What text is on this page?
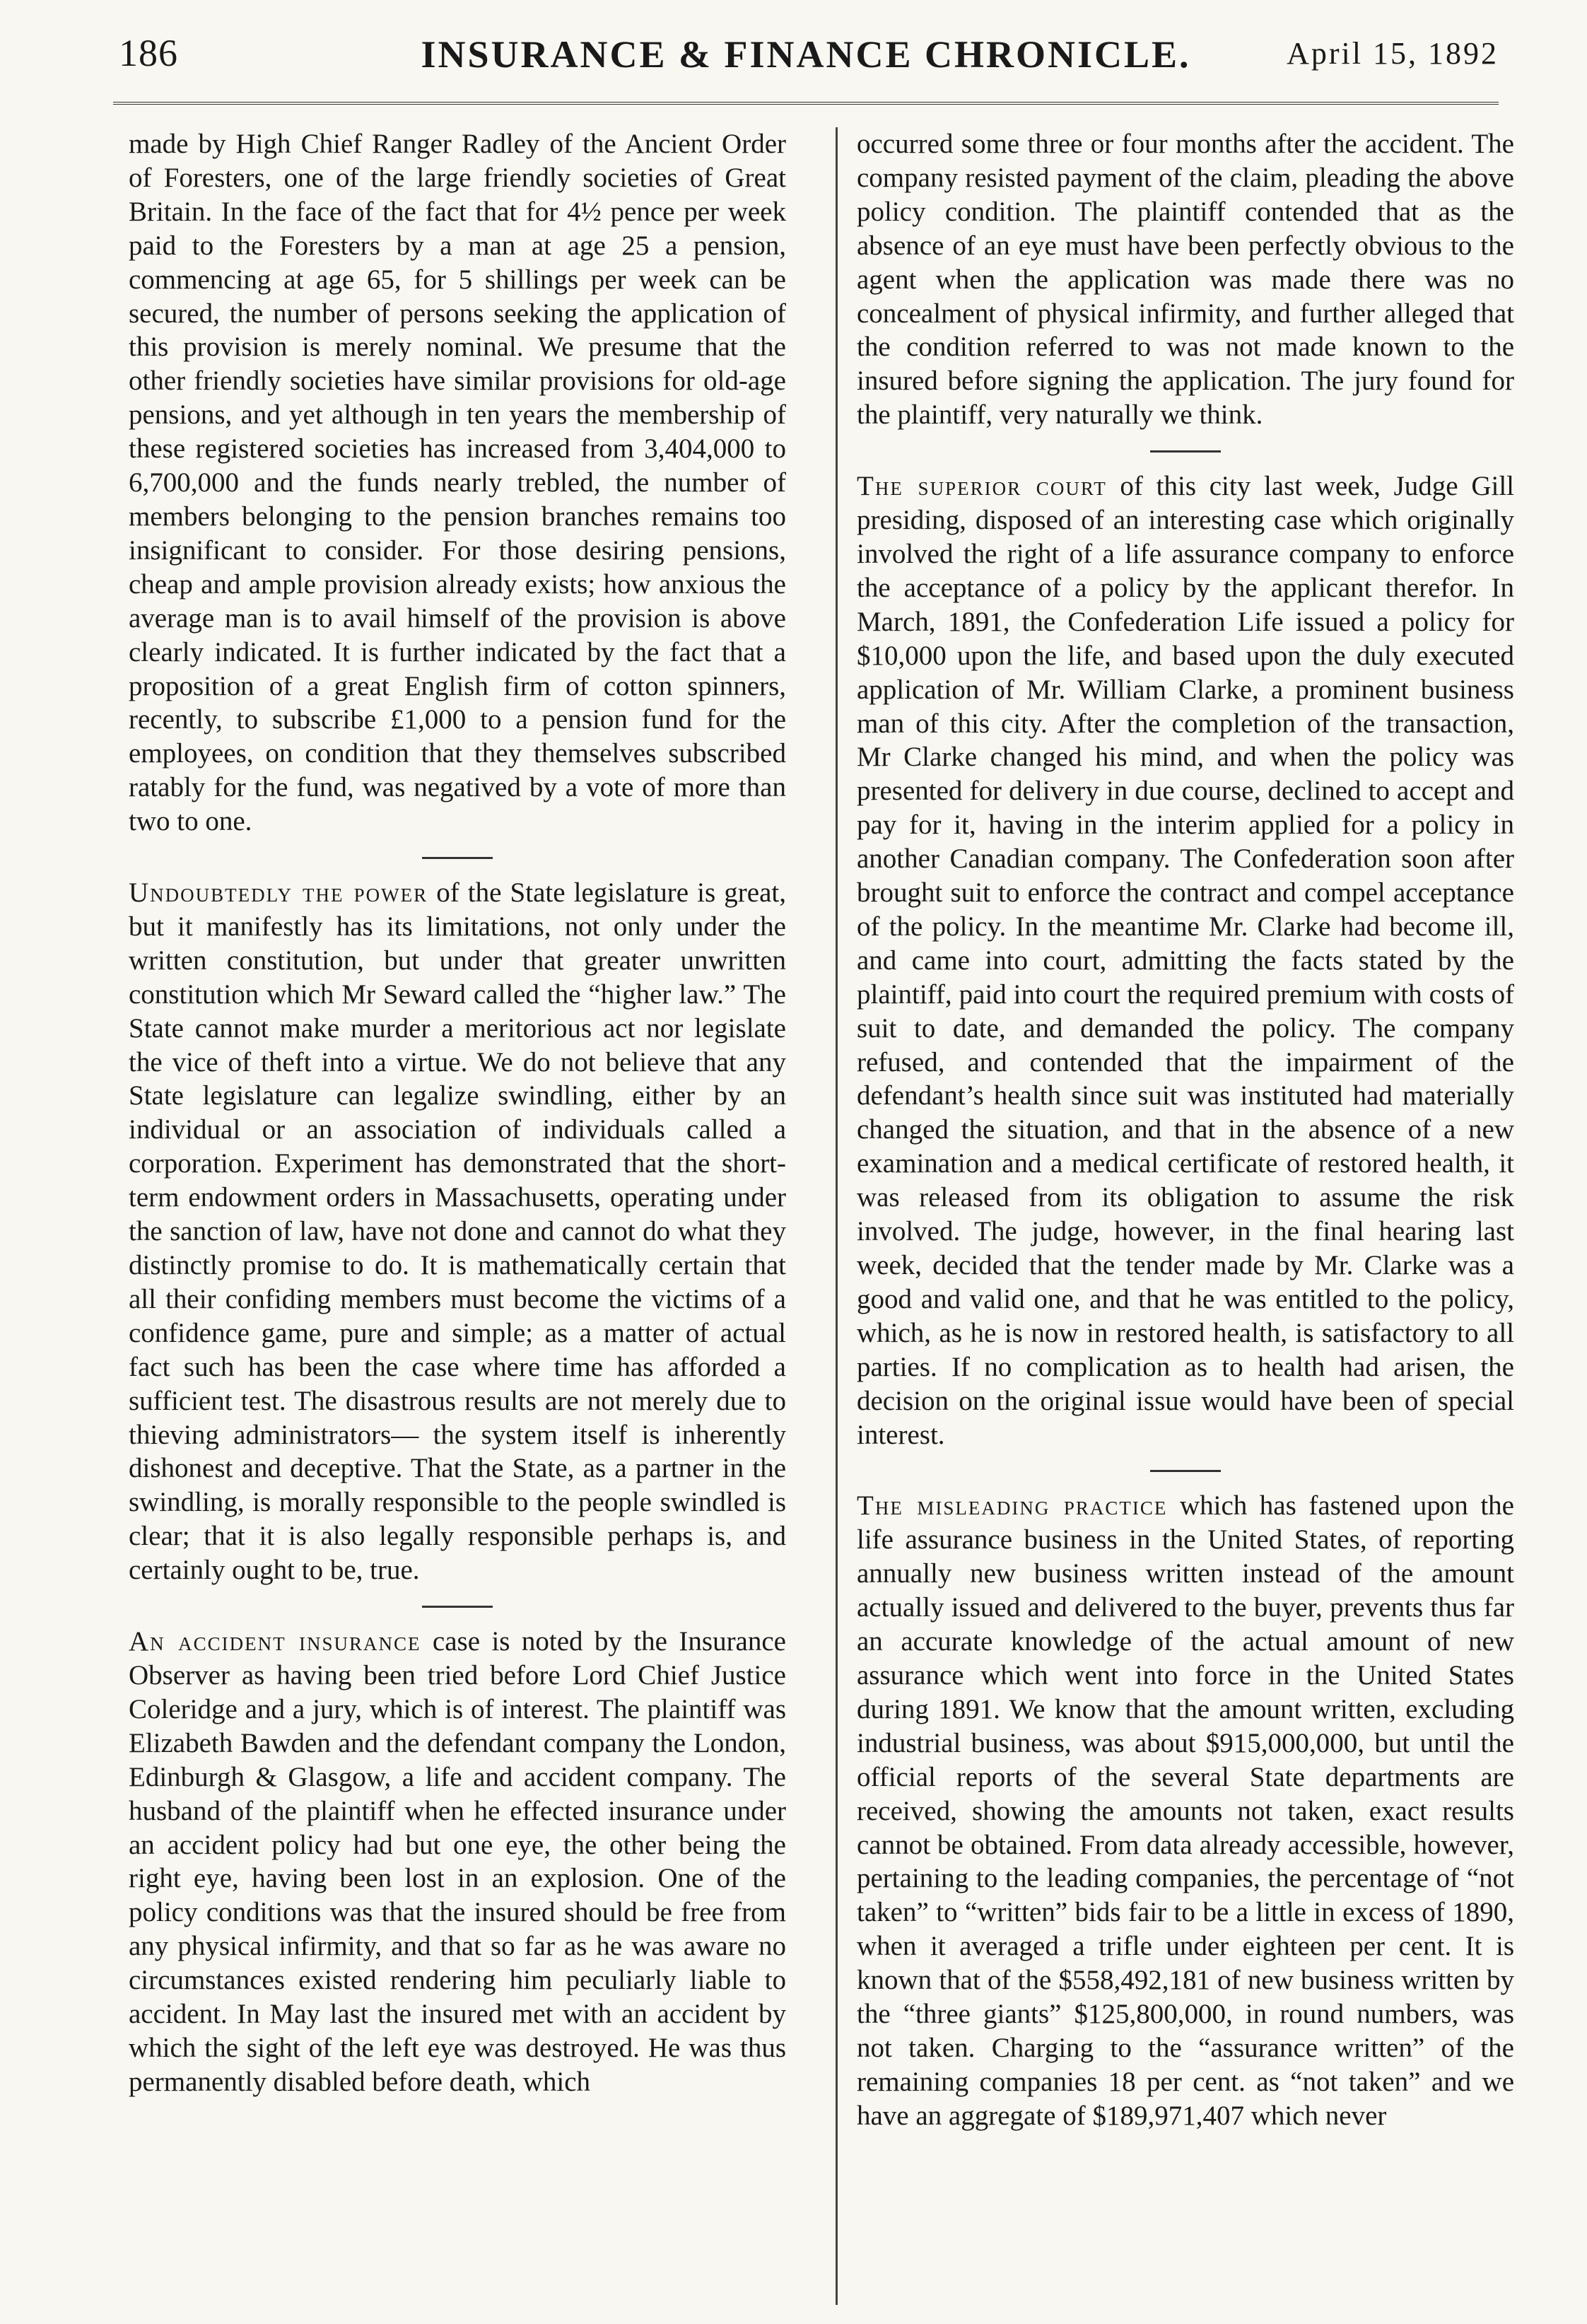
186	INSURANCE & FINANCE CHRONICLE.	April 15, 1892

made by High Chief Ranger Radley of the Ancient Order of Foresters, one of the large friendly societies of Great Britain. In the face of the fact that for 4½ pence per week paid to the Foresters by a man at age 25 a pension, commencing at age 65, for 5 shillings per week can be secured, the number of persons seeking the application of this provision is merely nominal. We presume that the other friendly societies have similar provisions for old-age pensions, and yet although in ten years the membership of these registered societies has increased from 3,404,000 to 6,700,000 and the funds nearly trebled, the number of members belonging to the pension branches remains too insignificant to consider. For those desiring pensions, cheap and ample provision already exists; how anxious the average man is to avail himself of the provision is above clearly indicated. It is further indicated by the fact that a proposition of a great English firm of cotton spinners, recently, to subscribe £1,000 to a pension fund for the employees, on condition that they themselves subscribed ratably for the fund, was negatived by a vote of more than two to one.

Undoubtedly the power of the State legislature is great, but it manifestly has its limitations, not only under the written constitution, but under that greater unwritten constitution which Mr Seward called the “higher law.” The State cannot make murder a meritorious act nor legislate the vice of theft into a virtue. We do not believe that any State legislature can legalize swindling, either by an individual or an association of individuals called a corporation. Experiment has demonstrated that the short-term endowment orders in Massachusetts, operating under the sanction of law, have not done and cannot do what they distinctly promise to do. It is mathematically certain that all their confiding members must become the victims of a confidence game, pure and simple; as a matter of actual fact such has been the case where time has afforded a sufficient test. The disastrous results are not merely due to thieving administrators— the system itself is inherently dishonest and deceptive. That the State, as a partner in the swindling, is morally responsible to the people swindled is clear; that it is also legally responsible perhaps is, and certainly ought to be, true.

An accident insurance case is noted by the Insurance Observer as having been tried before Lord Chief Justice Coleridge and a jury, which is of interest. The plaintiff was Elizabeth Bawden and the defendant company the London, Edinburgh & Glasgow, a life and accident company. The husband of the plaintiff when he effected insurance under an accident policy had but one eye, the other being the right eye, having been lost in an explosion. One of the policy conditions was that the insured should be free from any physical infirmity, and that so far as he was aware no circumstances existed rendering him peculiarly liable to accident. In May last the insured met with an accident by which the sight of the left eye was destroyed. He was thus permanently disabled before death, which

occurred some three or four months after the accident. The company resisted payment of the claim, pleading the above policy condition. The plaintiff contended that as the absence of an eye must have been perfectly obvious to the agent when the application was made there was no concealment of physical infirmity, and further alleged that the condition referred to was not made known to the insured before signing the application. The jury found for the plaintiff, very naturally we think.

The superior court of this city last week, Judge Gill presiding, disposed of an interesting case which originally involved the right of a life assurance company to enforce the acceptance of a policy by the applicant therefor. In March, 1891, the Confederation Life issued a policy for $10,000 upon the life, and based upon the duly executed application of Mr. William Clarke, a prominent business man of this city. After the completion of the transaction, Mr Clarke changed his mind, and when the policy was presented for delivery in due course, declined to accept and pay for it, having in the interim applied for a policy in another Canadian company. The Confederation soon after brought suit to enforce the contract and compel acceptance of the policy. In the meantime Mr. Clarke had become ill, and came into court, admitting the facts stated by the plaintiff, paid into court the required premium with costs of suit to date, and demanded the policy. The company refused, and contended that the impairment of the defendant’s health since suit was instituted had materially changed the situation, and that in the absence of a new examination and a medical certificate of restored health, it was released from its obligation to assume the risk involved. The judge, however, in the final hearing last week, decided that the tender made by Mr. Clarke was a good and valid one, and that he was entitled to the policy, which, as he is now in restored health, is satisfactory to all parties. If no complication as to health had arisen, the decision on the original issue would have been of special interest.

The misleading practice which has fastened upon the life assurance business in the United States, of reporting annually new business written instead of the amount actually issued and delivered to the buyer, prevents thus far an accurate knowledge of the actual amount of new assurance which went into force in the United States during 1891. We know that the amount written, excluding industrial business, was about $915,000,000, but until the official reports of the several State departments are received, showing the amounts not taken, exact results cannot be obtained. From data already accessible, however, pertaining to the leading companies, the percentage of “not taken” to “written” bids fair to be a little in excess of 1890, when it averaged a trifle under eighteen per cent. It is known that of the $558,492,181 of new business written by the “three giants” $125,800,000, in round numbers, was not taken. Charging to the “assurance written” of the remaining companies 18 per cent. as “not taken” and we have an aggregate of $189,971,407 which never
